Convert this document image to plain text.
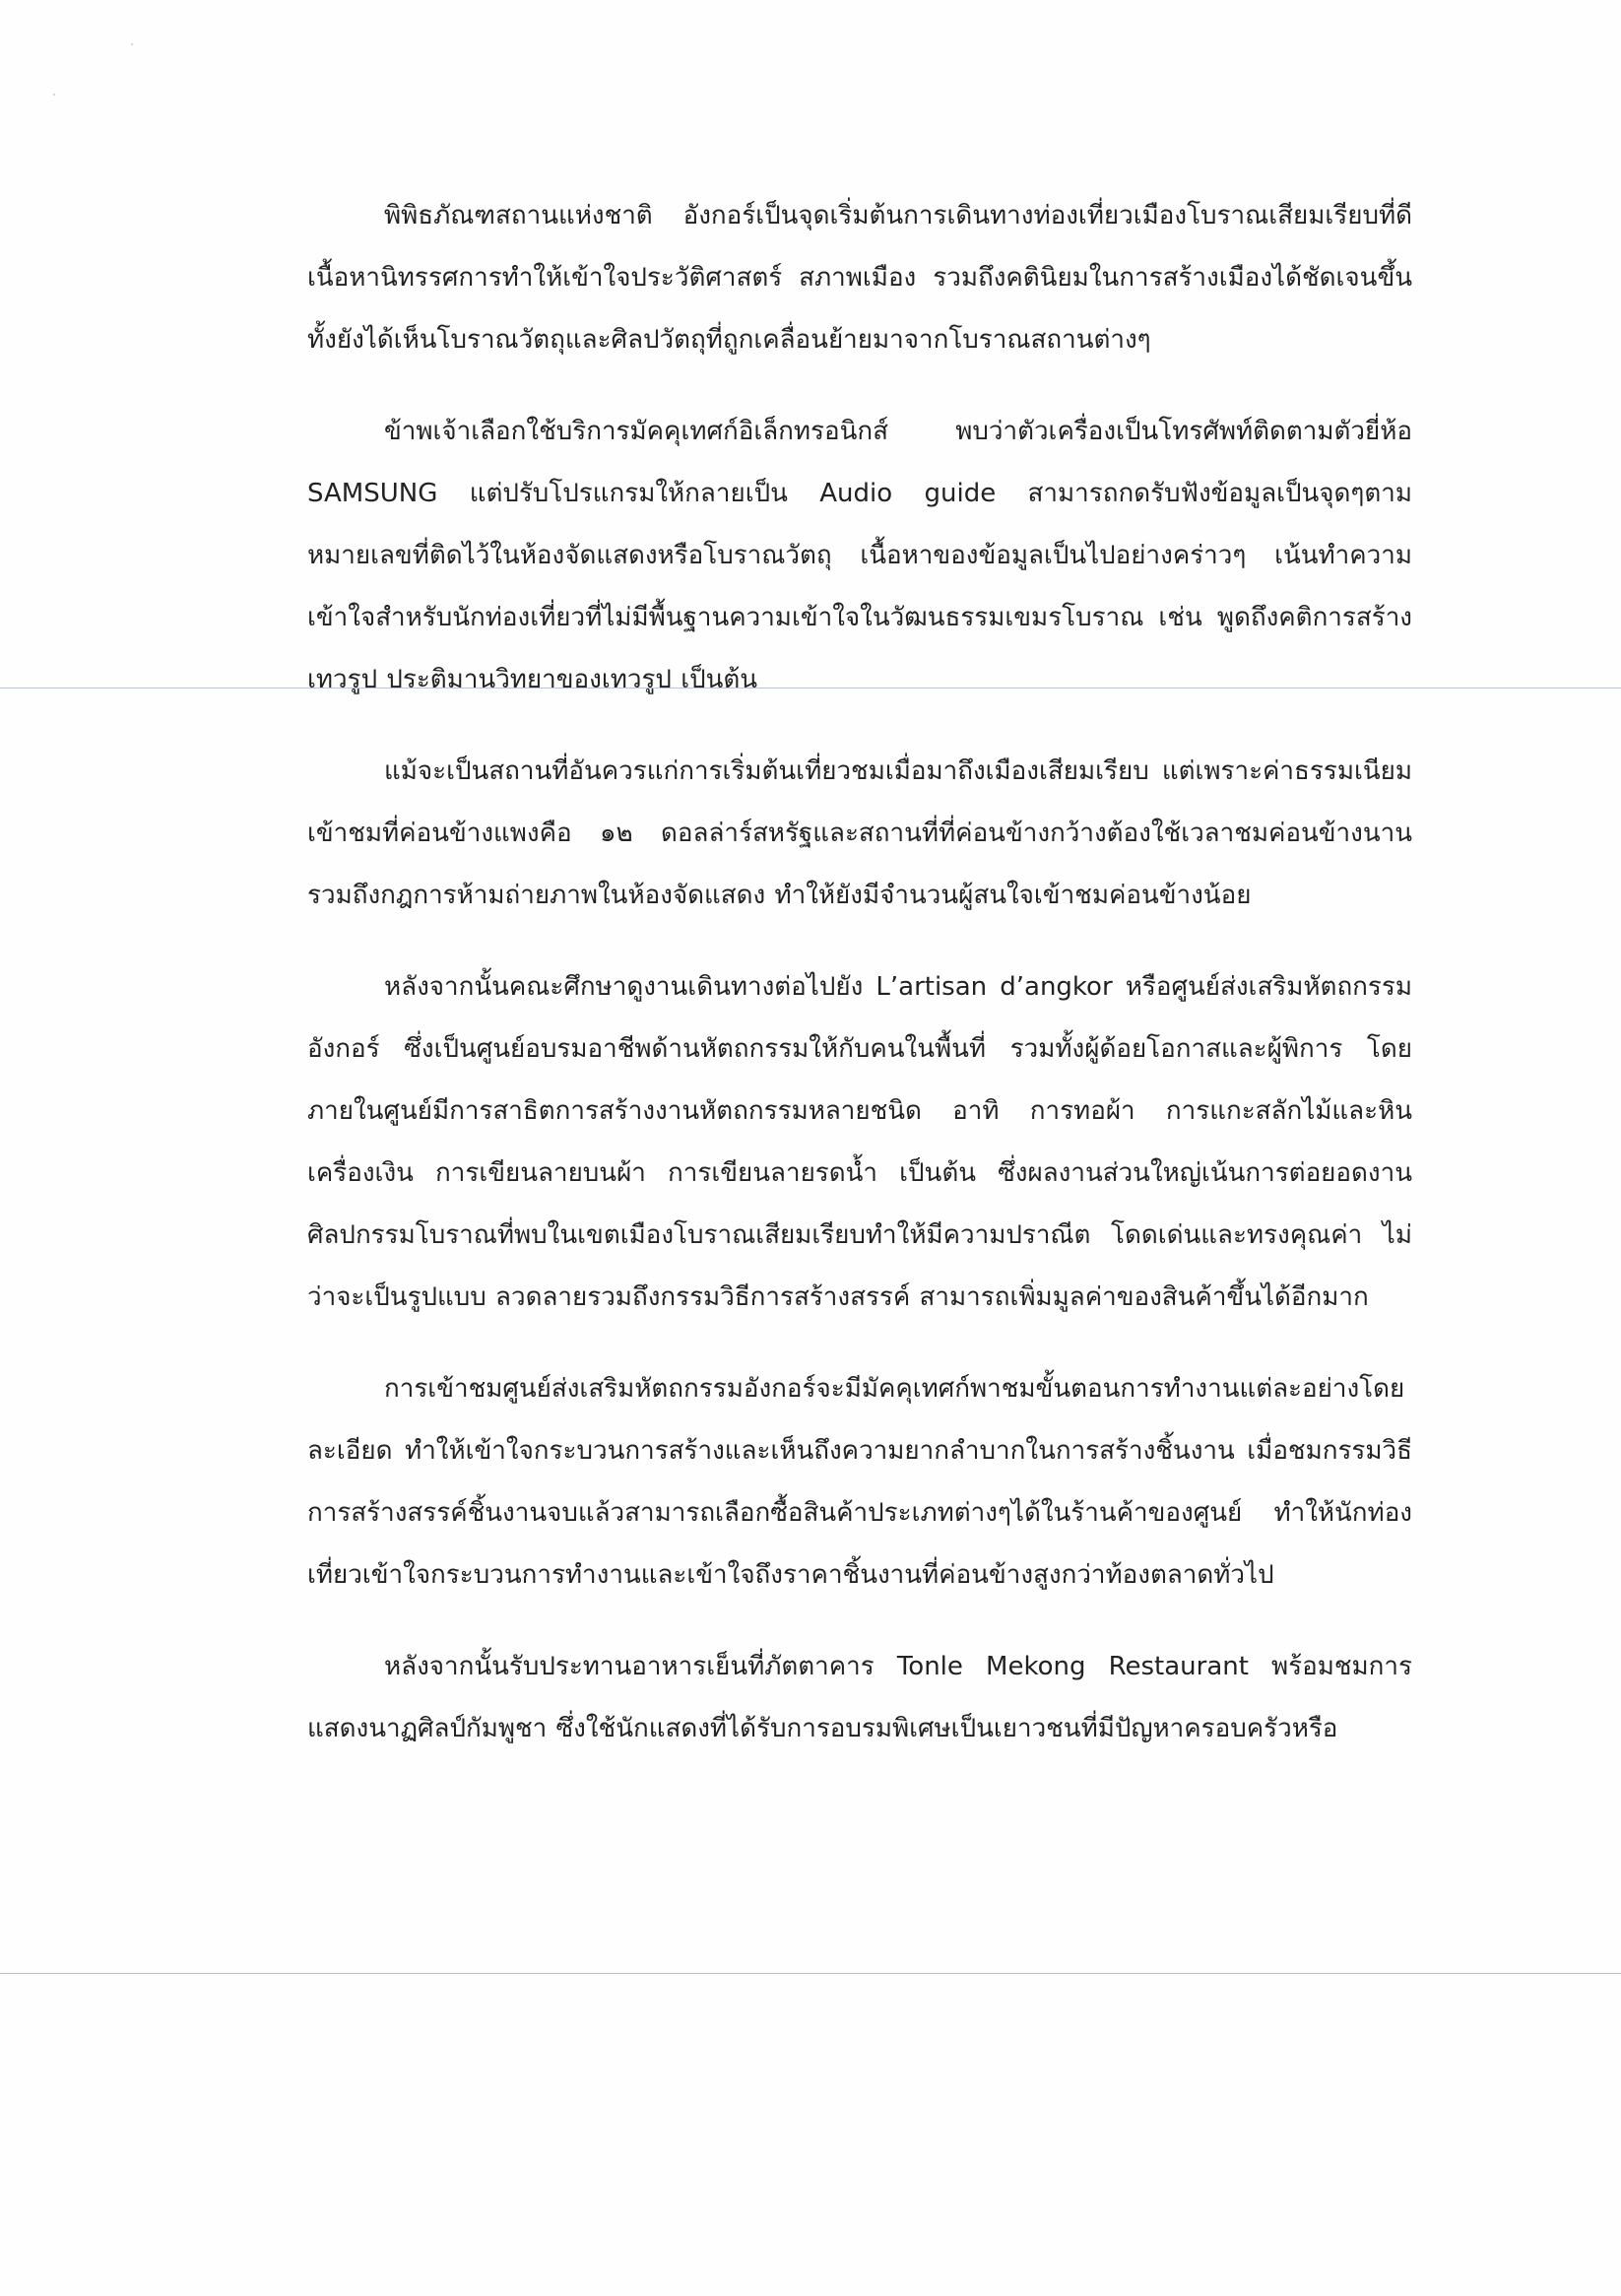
พิพิธภัณฑสถานแห่งชาติ อังกอร์เป็นจุดเริ่มต้นการเดินทางท่องเที่ยวเมืองโบราณเสียมเรียบที่ดี เนื้อหานิทรรศการทำให้เข้าใจประวัติศาสตร์ สภาพเมือง รวมถึงคตินิยมในการสร้างเมืองได้ชัดเจนขึ้น ทั้งยังได้เห็นโบราณวัตถุและศิลปวัตถุที่ถูกเคลื่อนย้ายมาจากโบราณสถานต่างๆ

ข้าพเจ้าเลือกใช้บริการมัคคุเทศก์อิเล็กทรอนิกส์ พบว่าตัวเครื่องเป็นโทรศัพท์ติดตามตัวยี่ห้อ SAMSUNG แต่ปรับโปรแกรมให้กลายเป็น Audio guide สามารถกดรับฟังข้อมูลเป็นจุดๆตามหมายเลขที่ติดไว้ในห้องจัดแสดงหรือโบราณวัตถุ เนื้อหาของข้อมูลเป็นไปอย่างคร่าวๆ เน้นทำความเข้าใจสำหรับนักท่องเที่ยวที่ไม่มีพื้นฐานความเข้าใจในวัฒนธรรมเขมรโบราณ เช่น พูดถึงคติการสร้างเทวรูป ประติมานวิทยาของเทวรูป เป็นต้น

แม้จะเป็นสถานที่อันควรแก่การเริ่มต้นเที่ยวชมเมื่อมาถึงเมืองเสียมเรียบ แต่เพราะค่าธรรมเนียมเข้าชมที่ค่อนข้างแพงคือ ๑๒ ดอลล่าร์สหรัฐและสถานที่ที่ค่อนข้างกว้างต้องใช้เวลาชมค่อนข้างนาน รวมถึงกฎการห้ามถ่ายภาพในห้องจัดแสดง ทำให้ยังมีจำนวนผู้สนใจเข้าชมค่อนข้างน้อย

หลังจากนั้นคณะศึกษาดูงานเดินทางต่อไปยัง L’artisan d’angkor หรือศูนย์ส่งเสริมหัตถกรรมอังกอร์ ซึ่งเป็นศูนย์อบรมอาชีพด้านหัตถกรรมให้กับคนในพื้นที่ รวมทั้งผู้ด้อยโอกาสและผู้พิการ โดยภายในศูนย์มีการสาธิตการสร้างงานหัตถกรรมหลายชนิด อาทิ การทอผ้า การแกะสลักไม้และหิน เครื่องเงิน การเขียนลายบนผ้า การเขียนลายรดน้ำ เป็นต้น ซึ่งผลงานส่วนใหญ่เน้นการต่อยอดงานศิลปกรรมโบราณที่พบในเขตเมืองโบราณเสียมเรียบทำให้มีความปราณีต โดดเด่นและทรงคุณค่า ไม่ว่าจะเป็นรูปแบบ ลวดลายรวมถึงกรรมวิธีการสร้างสรรค์ สามารถเพิ่มมูลค่าของสินค้าขึ้นได้อีกมาก

การเข้าชมศูนย์ส่งเสริมหัตถกรรมอังกอร์จะมีมัคคุเทศก์พาชมขั้นตอนการทำงานแต่ละอย่างโดยละเอียด ทำให้เข้าใจกระบวนการสร้างและเห็นถึงความยากลำบากในการสร้างชิ้นงาน เมื่อชมกรรมวิธีการสร้างสรรค์ชิ้นงานจบแล้วสามารถเลือกซื้อสินค้าประเภทต่างๆได้ในร้านค้าของศูนย์ ทำให้นักท่องเที่ยวเข้าใจกระบวนการทำงานและเข้าใจถึงราคาชิ้นงานที่ค่อนข้างสูงกว่าท้องตลาดทั่วไป

หลังจากนั้นรับประทานอาหารเย็นที่ภัตตาคาร Tonle Mekong Restaurant พร้อมชมการแสดงนาฏศิลป์กัมพูชา ซึ่งใช้นักแสดงที่ได้รับการอบรมพิเศษเป็นเยาวชนที่มีปัญหาครอบครัวหรือ
